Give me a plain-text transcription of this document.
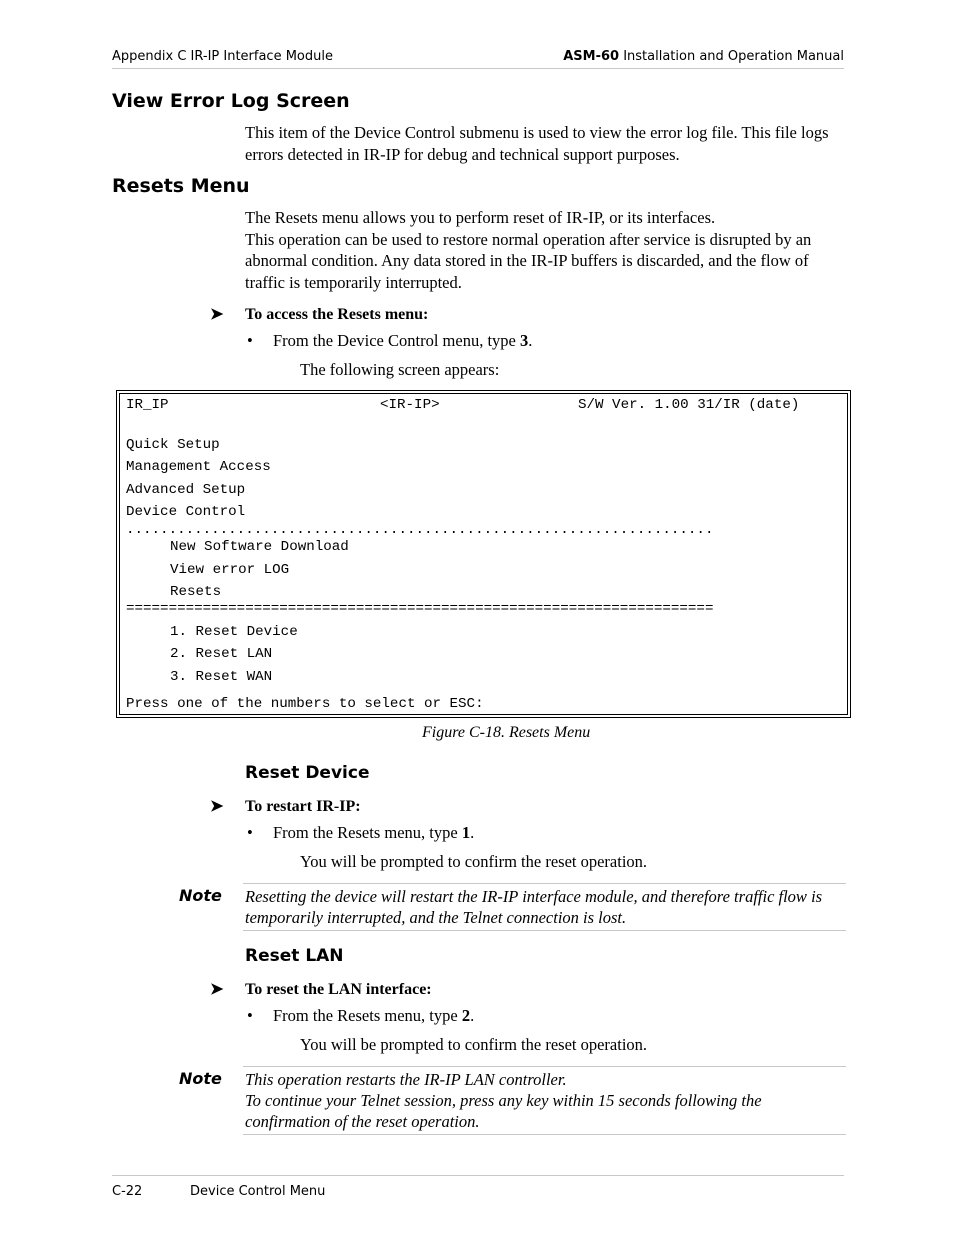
Appendix C IR-IP Interface Module	ASM-60 Installation and Operation Manual
View Error Log Screen
This item of the Device Control submenu is used to view the error log file. This file logs errors detected in IR-IP for debug and technical support purposes.
Resets Menu
The Resets menu allows you to perform reset of IR-IP, or its interfaces.
This operation can be used to restore normal operation after service is disrupted by an abnormal condition. Any data stored in the IR-IP buffers is discarded, and the flow of traffic is temporarily interrupted.
➤ To access the Resets menu:
• From the Device Control menu, type 3.
The following screen appears:
IR_IP	<IR-IP>	S/W Ver. 1.00 31/IR (date)
Quick Setup
Management Access
Advanced Setup
Device Control
.....................................................................
New Software Download
View error LOG
Resets
=====================================================================
1. Reset Device
2. Reset LAN
3. Reset WAN
Press one of the numbers to select or ESC:
Figure C-18. Resets Menu
Reset Device
➤ To restart IR-IP:
• From the Resets menu, type 1.
You will be prompted to confirm the reset operation.
Note Resetting the device will restart the IR-IP interface module, and therefore traffic flow is temporarily interrupted, and the Telnet connection is lost.
Reset LAN
➤ To reset the LAN interface:
• From the Resets menu, type 2.
You will be prompted to confirm the reset operation.
Note This operation restarts the IR-IP LAN controller.
To continue your Telnet session, press any key within 15 seconds following the confirmation of the reset operation.
C-22	Device Control Menu
